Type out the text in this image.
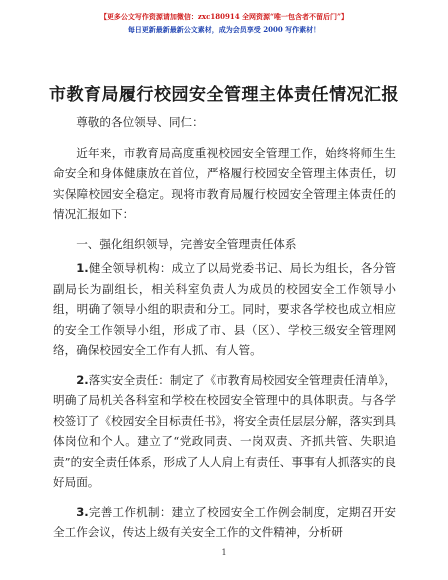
【更多公文写作资源请加微信：zxc180914 全网资源“唯一包含者不留后门”】
每日更新最新最新公文素材，成为会员享受 2000 写作素材！
市教育局履行校园安全管理主体责任情况汇报

尊敬的各位领导、同仁：

近年来，市教育局高度重视校园安全管理工作，始终将师生生命安全和身体健康放在首位，严格履行校园安全管理主体责任，切实保障校园安全稳定。现将市教育局履行校园安全管理主体责任的情况汇报如下：

一、强化组织领导，完善安全管理责任体系

1.健全领导机构：成立了以局党委书记、局长为组长，各分管副局长为副组长，相关科室负责人为成员的校园安全工作领导小组，明确了领导小组的职责和分工。同时，要求各学校也成立相应的安全工作领导小组，形成了市、县（区）、学校三级安全管理网络，确保校园安全工作有人抓、有人管。

2.落实安全责任：制定了《市教育局校园安全管理责任清单》，明确了局机关各科室和学校在校园安全管理中的具体职责。与各学校签订了《校园安全目标责任书》，将安全责任层层分解，落实到具体岗位和个人。建立了“党政同责、一岗双责、齐抓共管、失职追责”的安全责任体系，形成了人人肩上有责任、事事有人抓落实的良好局面。

3.完善工作机制：建立了校园安全工作例会制度，定期召开安全工作会议，传达上级有关安全工作的文件精神，分析研

1
